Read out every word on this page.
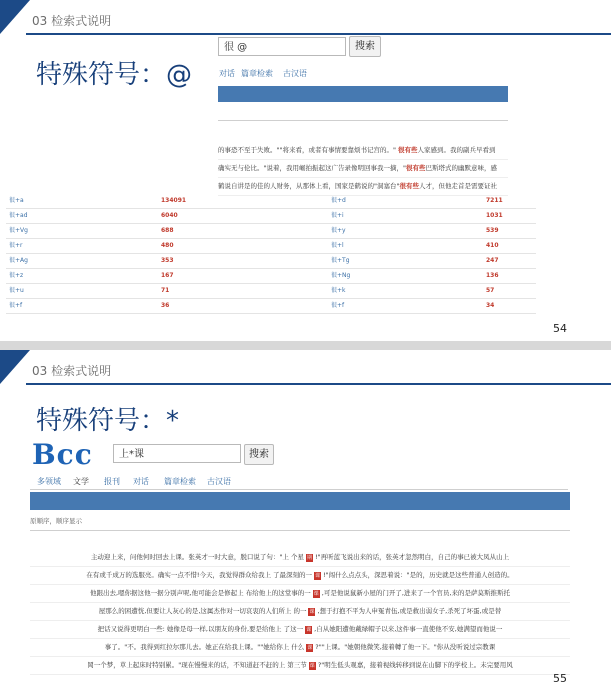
03 检索式说明
特殊符号：@
很 @	搜索
对话 篇章检索 古汉语
的事恐不至于失败。""将来看，或者有事情要靠烦书记宫的。" 很有些人家感到。我的副兵早看到
确实无与伦比。"说着，我用崛拍振起这广告录像明回事我一摘，"很有些巴斯塔式的幽默意味，感
鹤说自讲是的佳的人财务，从那体上看，国家是鹤说的"洞塞台"很有些人才，但他走首是需要证社
很+a	134091	很+d	7211
很+ad	6040	很+i	1031
很+Vg	688	很+y	539
很+r	480	很+l	410
很+Ag	353	很+Tg	247
很+z	167	很+Ng	136
很+u	71	很+k	57
很+f	36	很+f	34
54
03 检索式说明
特殊符号：*
Bcc	上*课	搜索
多领域 文学 报刊 对话 篇章检索 古汉语
原顺序，顺序显示
主动迎上来，问他何时回去上课。张英才一时大意，脱口说了句："上 个星 期 !"再听蓝飞说出来的话，张英才忽然明白，自己的事已被大凤从山上
在有或千成万的选服亮。确实一点不惜!今天，我觉得群众给我上 了最深刻的一 课 !"闯什么点点头，深思着说："是的，历史就是这些普通人创造的。
他跟出去,嗯你据这他一据分别声呢,他可能会是修起上 布给他上的这堂事的一 课 ,可是他说鼠新小屋的门开了,进来了一个官员,来的是萨莫斯推斯托
屋那么的困遭恍,但要让人灰心的是,这属杰作对一切哀衷的人们所上 的一 课 ,想于打抱不平为人申冤青伍,或是救出弱女子,杀死了坏蛋,或是替
把话又说得更明白一些: 她像是母一样,以朋友的身份,要是给他上 了这一 课 ,自从她阳遭他戴绿帽子以来,这件事一直使他不安,她满望而他说一
事了。"不。我得到红拉尔那儿去。她正在给我上课。""她给你上 什么 课 ?""上课。"她朝他微笑,接着轉了他一下。"你从没听说过宗教课
岡一个梦，草上起床时特别累。"现在慢慢来的话，不知道赶不赶的上 第三节 课 ?"明生低头观嘉，接着视线转移到说在山脚下的学校上。未完要用风
55
